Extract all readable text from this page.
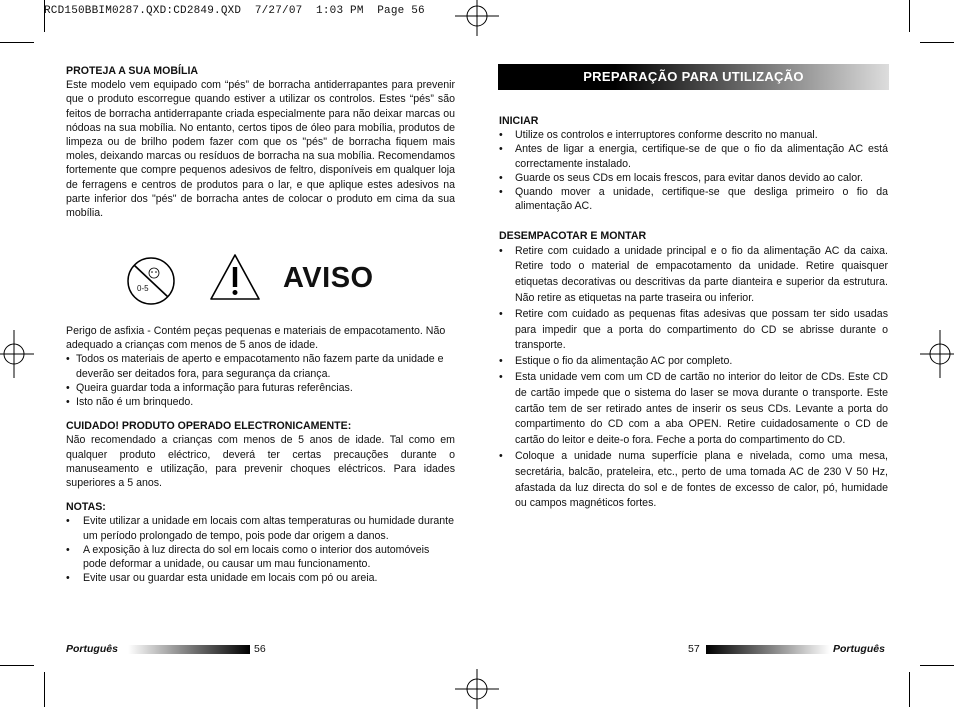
RCD150BBIM0287.QXD:CD2849.QXD  7/27/07  1:03 PM  Page 56
PROTEJA A SUA MOBÍLIA

Este modelo vem equipado com “pés” de borracha antiderrapantes para prevenir que o produto escorregue quando estiver a utilizar os controlos. Estes “pés” são feitos de borracha antiderrapante criada especialmente para não deixar marcas ou nódoas na sua mobília. No entanto, certos tipos de óleo para mobília, produtos de limpeza ou de brilho podem fazer com que os "pés" de borracha fiquem mais moles, deixando marcas ou resíduos de borracha na sua mobília. Recomendamos fortemente que compre pequenos adesivos de feltro, disponíveis em qualquer loja de ferragens e centros de produtos para o lar, e que aplique estes adesivos na parte inferior dos "pés" de borracha antes de colocar o produto em cima da sua mobília.

0-5	AVISO

Perigo de asfixia - Contém peças pequenas e materiais de empacotamento. Não adequado a crianças com menos de 5 anos de idade.

• Todos os materiais de aperto e empacotamento não fazem parte da unidade e deverão ser deitados fora, para segurança da criança.
• Queira guardar toda a informação para futuras referências.
• Isto não é um brinquedo.
CUIDADO! PRODUTO OPERADO ELECTRONICAMENTE:

Não recomendado a crianças com menos de 5 anos de idade. Tal como em qualquer produto eléctrico, deverá ter certas precauções durante o manuseamento e utilização, para prevenir choques eléctricos. Para idades superiores a 5 anos.

NOTAS:
• Evite utilizar a unidade em locais com altas temperaturas ou humidade durante um período prolongado de tempo, pois pode dar origem a danos.
• A exposição à luz directa do sol em locais como o interior dos automóveis pode deformar a unidade, ou causar um mau funcionamento.
• Evite usar ou guardar esta unidade em locais com pó ou areia.
Português	56
PREPARAÇÃO PARA UTILIZAÇÃO
INICIAR
• Utilize os controlos e interruptores conforme descrito no manual.
• Antes de ligar a energia, certifique-se de que o fio da alimentação AC está correctamente instalado.
• Guarde os seus CDs em locais frescos, para evitar danos devido ao calor.
• Quando mover a unidade, certifique-se que desliga primeiro o fio da alimentação AC.
DESEMPACOTAR E MONTAR
• Retire com cuidado a unidade principal e o fio da alimentação AC da caixa. Retire todo o material de empacotamento da unidade. Retire quaisquer etiquetas decorativas ou descritivas da parte dianteira e superior da estrutura. Não retire as etiquetas na parte traseira ou inferior.
• Retire com cuidado as pequenas fitas adesivas que possam ter sido usadas para impedir que a porta do compartimento do CD se abrisse durante o transporte.
• Estique o fio da alimentação AC por completo.
• Esta unidade vem com um CD de cartão no interior do leitor de CDs. Este CD de cartão impede que o sistema do laser se mova durante o transporte. Este cartão tem de ser retirado antes de inserir os seus CDs. Levante a porta do compartimento do CD com a aba OPEN. Retire cuidadosamente o CD de cartão do leitor e deite-o fora. Feche a porta do compartimento do CD.
• Coloque a unidade numa superfície plana e nivelada, como uma mesa, secretária, balcão, prateleira, etc., perto de uma tomada AC de 230 V 50 Hz, afastada da luz directa do sol e de fontes de excesso de calor, pó, humidade ou campos magnéticos fortes.
57	Português
